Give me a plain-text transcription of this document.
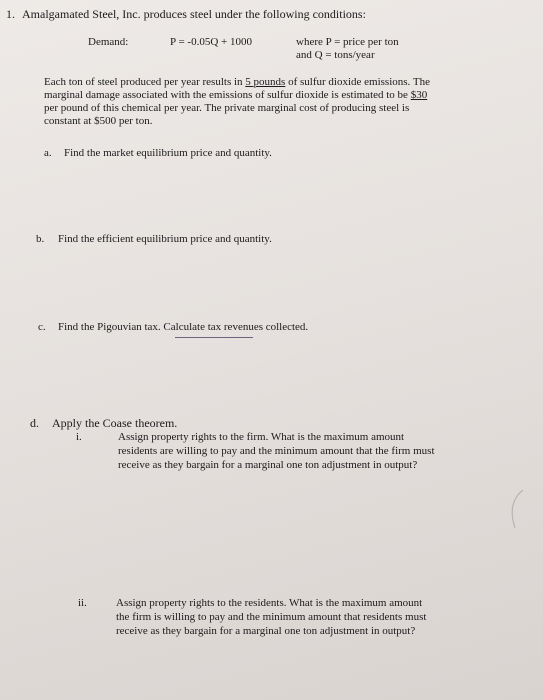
1. Amalgamated Steel, Inc. produces steel under the following conditions:
Demand:	P = -0.05Q + 1000	where P = price per ton
and Q = tons/year
Each ton of steel produced per year results in 5 pounds of sulfur dioxide emissions. The
marginal damage associated with the emissions of sulfur dioxide is estimated to be $30
per pound of this chemical per year. The private marginal cost of producing steel is
constant at $500 per ton.
a. Find the market equilibrium price and quantity.
b. Find the efficient equilibrium price and quantity.
c. Find the Pigouvian tax. Calculate tax revenues collected.
d. Apply the Coase theorem.
i.	Assign property rights to the firm. What is the maximum amount
residents are willing to pay and the minimum amount that the firm must
receive as they bargain for a marginal one ton adjustment in output?
ii.	Assign property rights to the residents. What is the maximum amount
the firm is willing to pay and the minimum amount that residents must
receive as they bargain for a marginal one ton adjustment in output?
